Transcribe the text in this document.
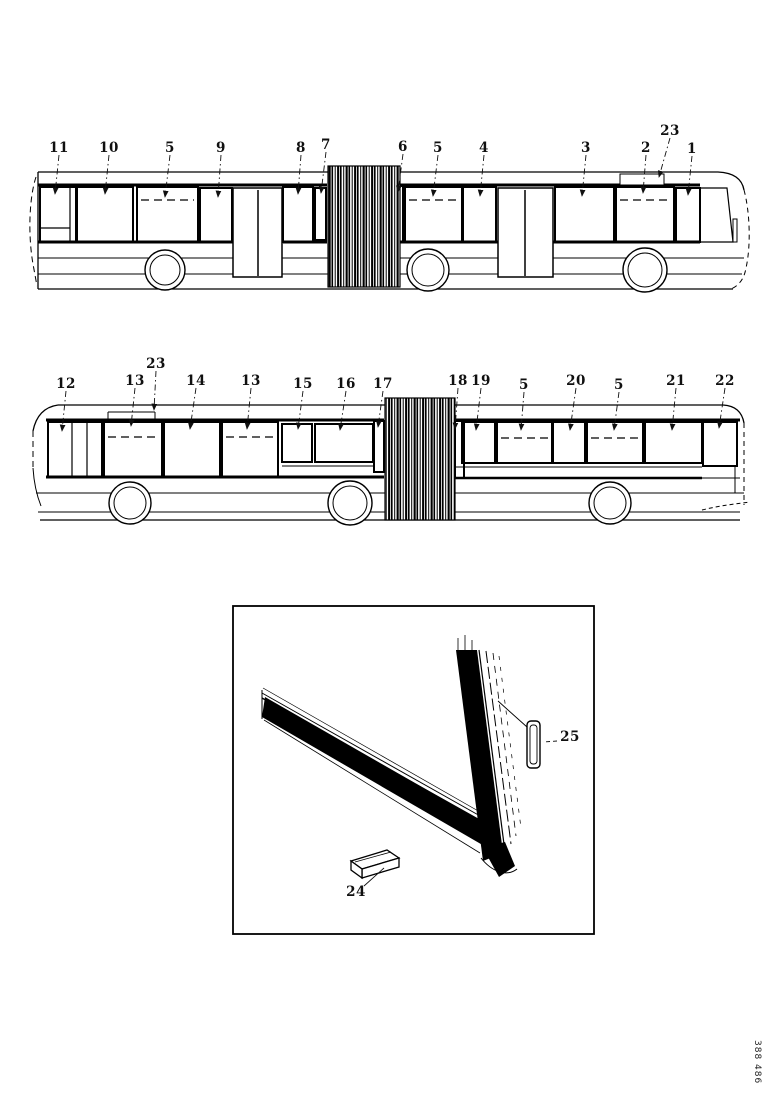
11 10	5	9	8 7	6 5	4	3	2
23
1
12	13
23
14	13 15 16 17	18 19 5	20 5	21 22
24
25
388 486
